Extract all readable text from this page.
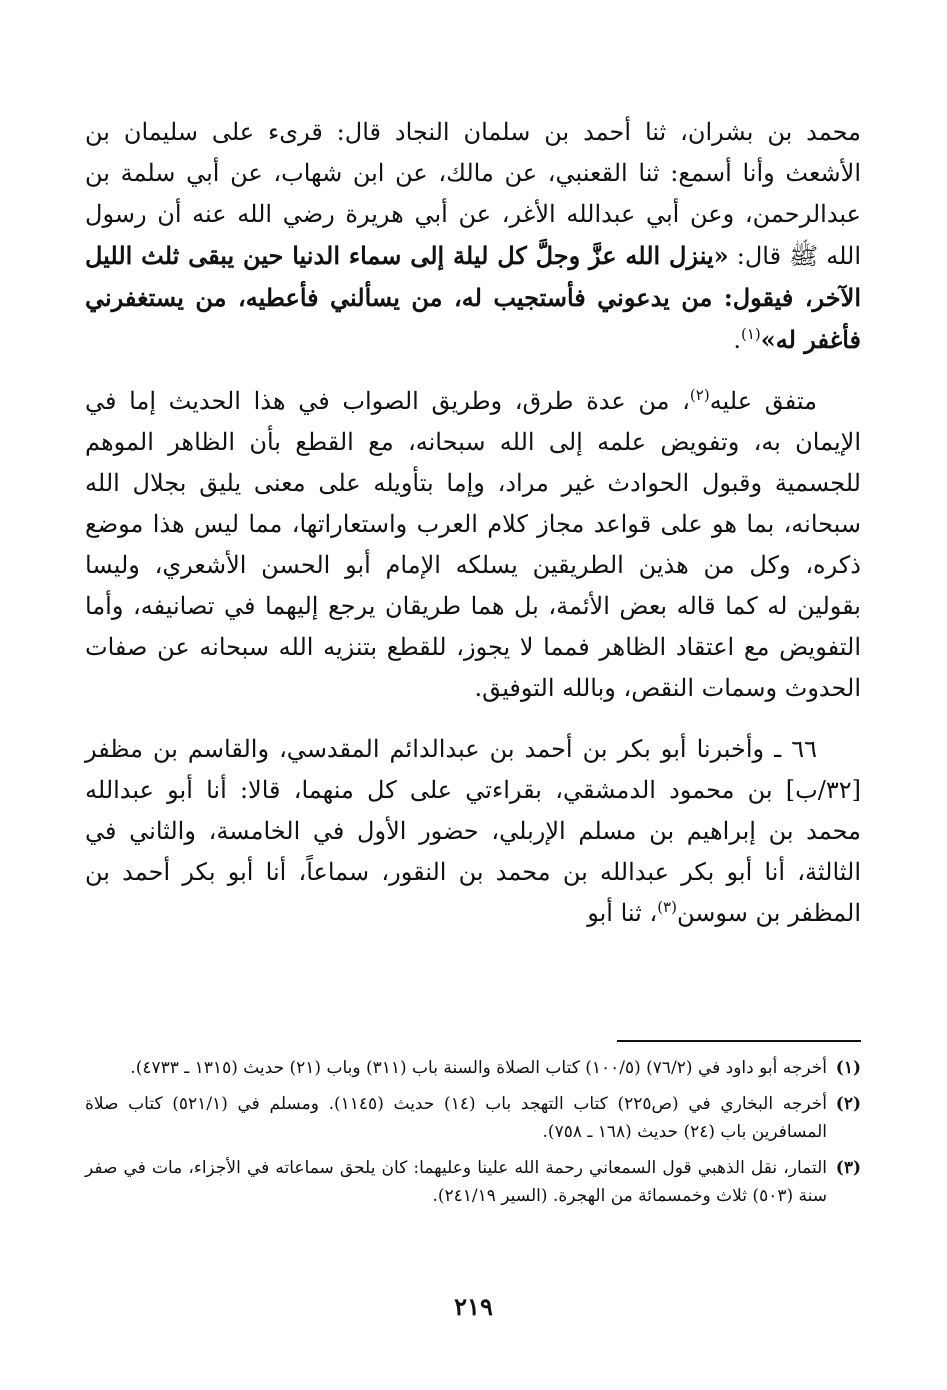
محمد بن بشران، ثنا أحمد بن سلمان النجاد قال: قرىء على سليمان بن الأشعث وأنا أسمع: ثنا القعنبي، عن مالك، عن ابن شهاب، عن أبي سلمة بن عبدالرحمن، وعن أبي عبدالله الأغر، عن أبي هريرة رضي الله عنه أن رسول الله ﷺ قال: «ينزل الله عزَّ وجلَّ كل ليلة إلى سماء الدنيا حين يبقى ثلث الليل الآخر، فيقول: من يدعوني فأستجيب له، من يسألني فأعطيه، من يستغفرني فأغفر له»$^{(١)}$.

متفق عليه$^{(٢)}$، من عدة طرق، وطريق الصواب في هذا الحديث إما في الإيمان به، وتفويض علمه إلى الله سبحانه، مع القطع بأن الظاهر الموهم للجسمية وقبول الحوادث غير مراد، وإما بتأويله على معنى يليق بجلال الله سبحانه، بما هو على قواعد مجاز كلام العرب واستعاراتها، مما ليس هذا موضع ذكره، وكل من هذين الطريقين يسلكه الإمام أبو الحسن الأشعري، وليسا بقولين له كما قاله بعض الأئمة، بل هما طريقان يرجع إليهما في تصانيفه، وأما التفويض مع اعتقاد الظاهر فمما لا يجوز، للقطع بتنزيه الله سبحانه عن صفات الحدوث وسمات النقص، وبالله التوفيق.

٦٦ ـ وأخبرنا أبو بكر بن أحمد بن عبدالدائم المقدسي، والقاسم بن مظفر [٣٢/ب] بن محمود الدمشقي، بقراءتي على كل منهما، قالا: أنا أبو عبدالله محمد بن إبراهيم بن مسلم الإربلي، حضور الأول في الخامسة، والثاني في الثالثة، أنا أبو بكر عبدالله بن محمد بن النقور، سماعاً، أنا أبو بكر أحمد بن المظفر بن سوسن$^{(٣)}$، ثنا أبو

(١)
أخرجه أبو داود في (٧٦/٢) (١٠٠/٥) كتاب الصلاة والسنة باب (٣١١) وباب (٢١) حديث (١٣١٥ ـ ٤٧٣٣).
(٢)
أخرجه البخاري في (ص٢٢٥) كتاب التهجد باب (١٤) حديث (١١٤٥). ومسلم في (٥٢١/١) كتاب صلاة المسافرين باب (٢٤) حديث (١٦٨ ـ ٧٥٨).
(٣)
التمار، نقل الذهبي قول السمعاني رحمة الله علينا وعليهما: كان يلحق سماعاته في الأجزاء، مات في صفر سنة (٥٠٣) ثلاث وخمسمائة من الهجرة. (السير ٢٤١/١٩).
٢١٩
